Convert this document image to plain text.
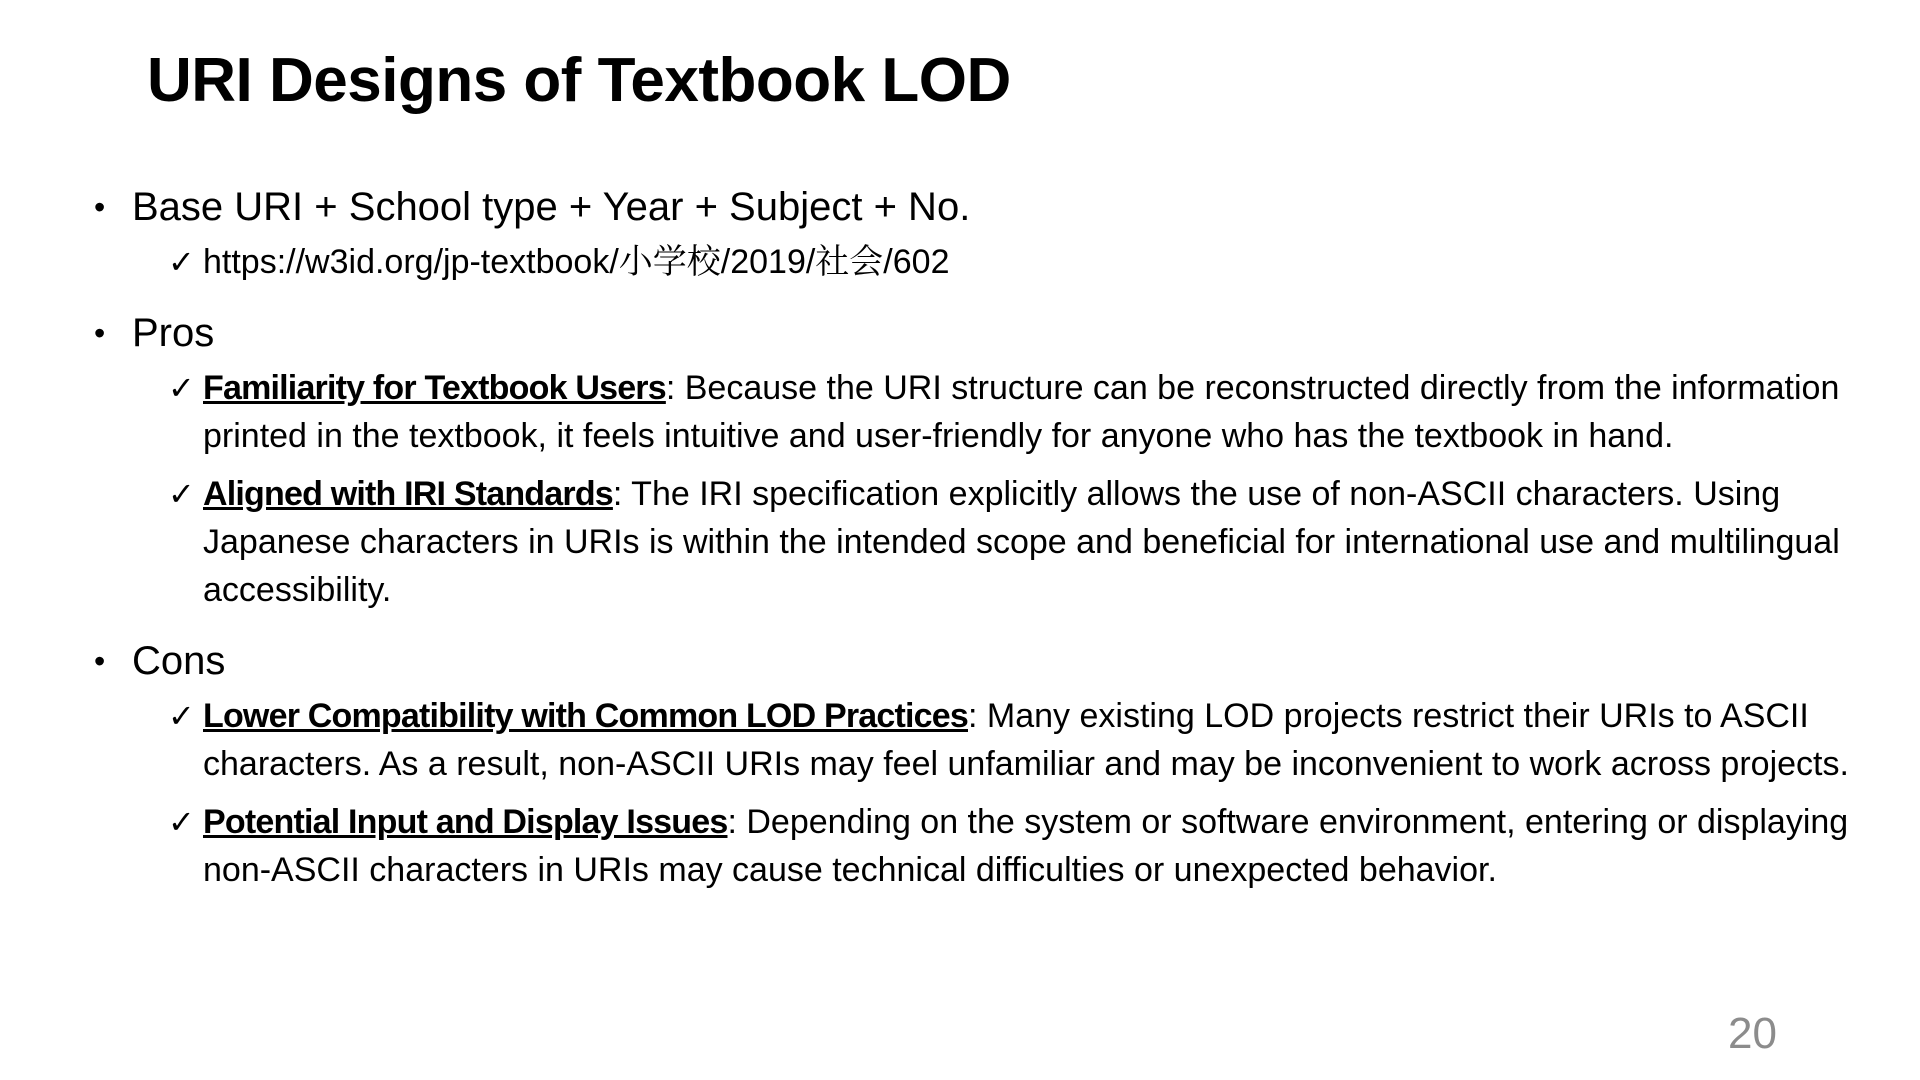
URI Designs of Textbook LOD

• Base URI + School type + Year + Subject + No.

✓ https://w3id.org/jp-textbook/小学校/2019/社会/602

• Pros

✓ Familiarity for Textbook Users: Because the URI structure can be reconstructed directly from the information printed in the textbook, it feels intuitive and user-friendly for anyone who has the textbook in hand.
✓ Aligned with IRI Standards: The IRI specification explicitly allows the use of non-ASCII characters. Using Japanese characters in URIs is within the intended scope and beneficial for international use and multilingual accessibility.

• Cons

✓ Lower Compatibility with Common LOD Practices: Many existing LOD projects restrict their URIs to ASCII characters. As a result, non-ASCII URIs may feel unfamiliar and may be inconvenient to work across projects.
✓ Potential Input and Display Issues: Depending on the system or software environment, entering or displaying non-ASCII characters in URIs may cause technical difficulties or unexpected behavior.
20
